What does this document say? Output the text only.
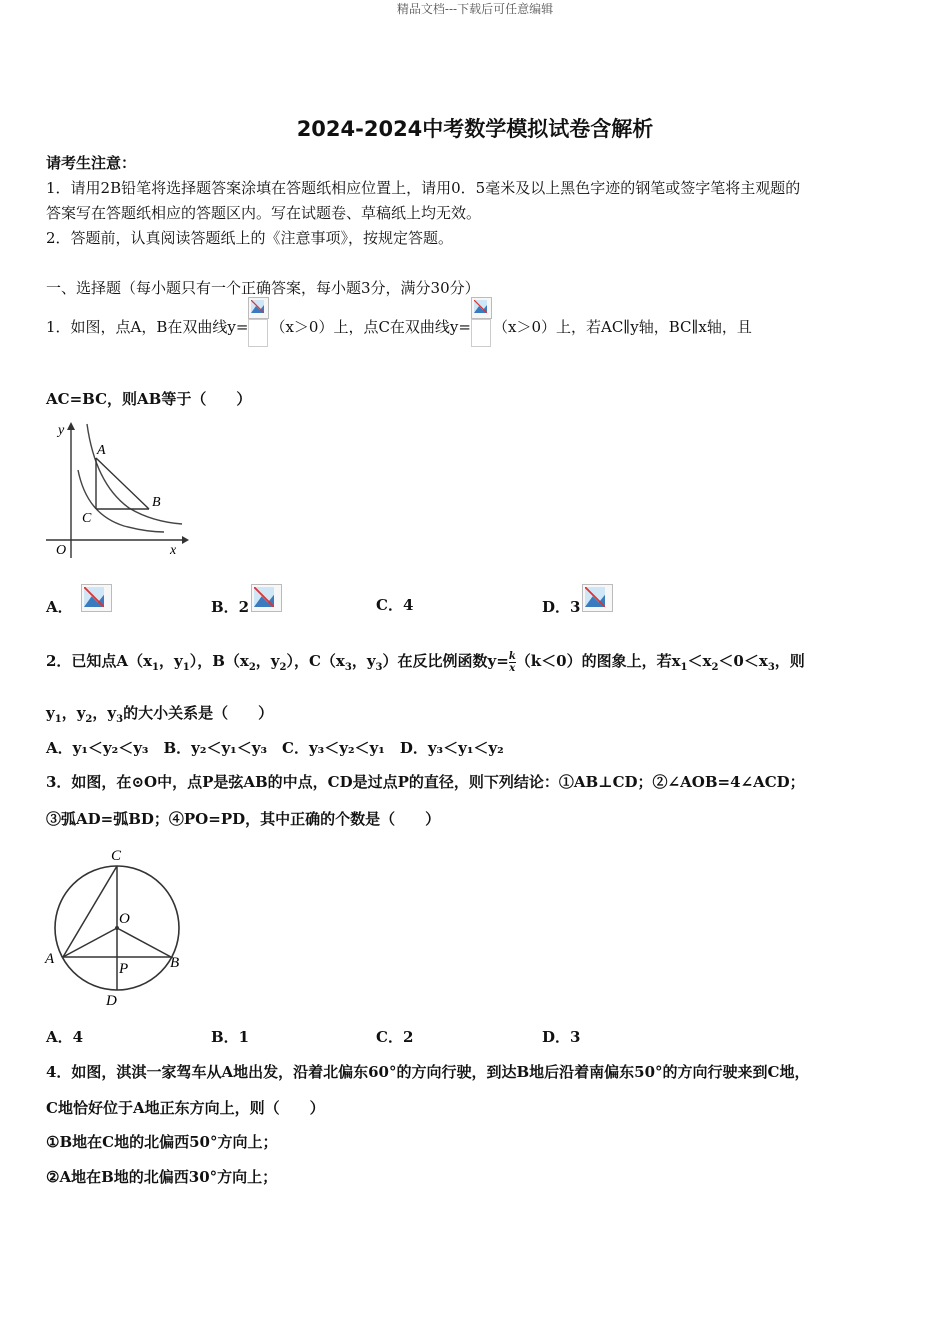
精品文档---下载后可任意编辑
2024-2024中考数学模拟试卷含解析
请考生注意：
1．请用2B铅笔将选择题答案涂填在答题纸相应位置上，请用0．5毫米及以上黑色字迹的钢笔或签字笔将主观题的
答案写在答题纸相应的答题区内。写在试题卷、草稿纸上均无效。
2．答题前，认真阅读答题纸上的《注意事项》，按规定答题。
一、选择题（每小题只有一个正确答案，每小题3分，满分30分）
1．如图，点A，B在双曲线y= （x＞0）上，点C在双曲线y= （x＞0）上，若AC∥y轴，BC∥x轴，且
AC=BC，则AB等于（　　）
y
x
O
A
B
C
A．	B．2	C．4	D．3
2．已知点$A(x_1$，$y_1$），$B(x_2$，$y_2$），$C(x_3$，$y_3$）在反比例函数$y= \frac{k}{x} (k<0)$的图象上，若$x_1<x_2<0<x_3$，则
$y_1$，$y_2$，$y_3$的大小关系是（　　）
A．y₁＜y₂＜y₃　B．y₂＜y₁＜y₃　C．y₃＜y₂＜y₁　D．y₃＜y₁＜y₂
3．如图，在⊙O中，点P是弦AB的中点，CD是过点P的直径，则下列结论：①AB⊥CD；②∠AOB=4∠ACD；
③弧AD=弧BD；④PO=PD，其中正确的个数是（　　）
C
O
A	B
P
D
A．4	B．1	C．2	D．3
4．如图，淇淇一家驾车从A地出发，沿着北偏东60°的方向行驶，到达B地后沿着南偏东50°的方向行驶来到C地，
C地恰好位于A地正东方向上，则（　　）
①B地在C地的北偏西50°方向上；
②A地在B地的北偏西30°方向上；
